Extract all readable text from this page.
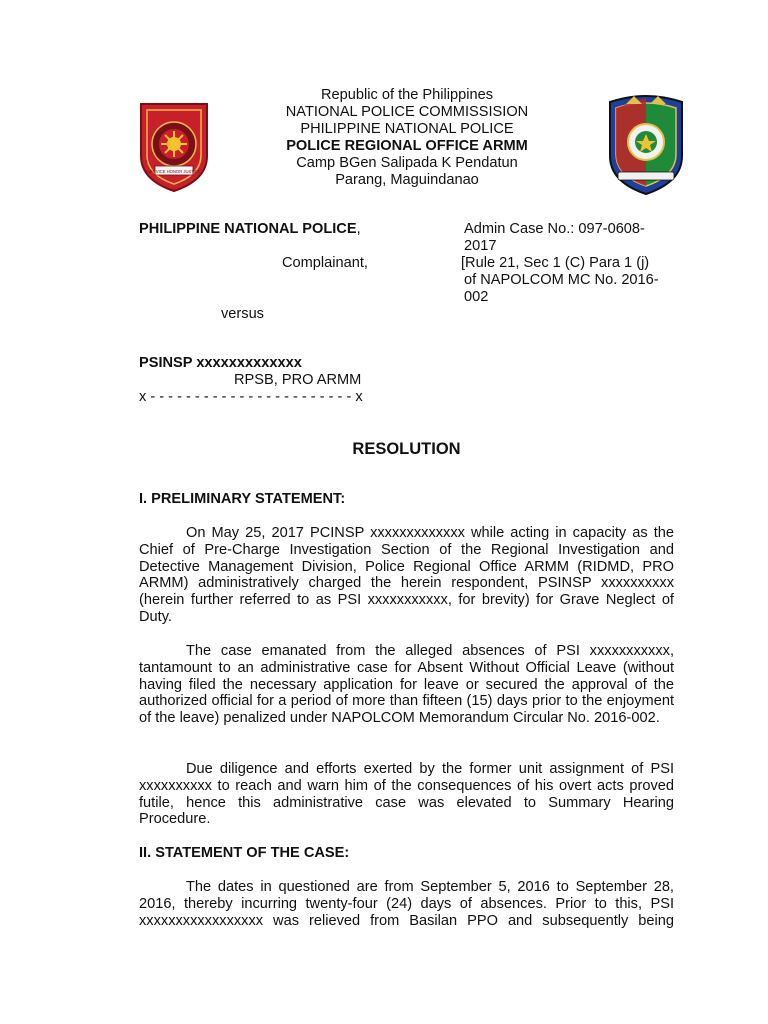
SERVICE HONOR JUSTICE
Republic of the Philippines
NATIONAL POLICE COMMISSISION
PHILIPPINE NATIONAL POLICE
POLICE REGIONAL OFFICE ARMM
Camp BGen Salipada K Pendatun
Parang, Maguindanao
PHILIPPINE NATIONAL POLICE,
Complainant,
versus
PSINSP xxxxxxxxxxxxx
RPSB, PRO ARMM
x - - - - - - - - - - - - - - - - - - - - - - - x
Admin Case No.: 097-0608-
2017
[Rule 21, Sec 1 (C) Para 1 (j)
of NAPOLCOM MC No. 2016-
002
RESOLUTION
I. PRELIMINARY STATEMENT:
On May 25, 2017 PCINSP xxxxxxxxxxxxx while acting in capacity as the Chief of Pre-Charge Investigation Section of the Regional Investigation and Detective Management Division, Police Regional Office ARMM (RIDMD, PRO ARMM) administratively charged the herein respondent, PSINSP xxxxxxxxxx (herein further referred to as PSI xxxxxxxxxxx, for brevity) for Grave Neglect of Duty.
The case emanated from the alleged absences of PSI xxxxxxxxxxx, tantamount to an administrative case for Absent Without Official Leave (without having filed the necessary application for leave or secured the approval of the authorized official for a period of more than fifteen (15) days prior to the enjoyment of the leave) penalized under NAPOLCOM Memorandum Circular No. 2016-002.
Due diligence and efforts exerted by the former unit assignment of PSI xxxxxxxxxx to reach and warn him of the consequences of his overt acts proved futile, hence this administrative case was elevated to Summary Hearing Procedure.
II. STATEMENT OF THE CASE:
The dates in questioned are from September 5, 2016 to September 28, 2016, thereby incurring twenty-four (24) days of absences. Prior to this, PSI xxxxxxxxxxxxxxxxx was relieved from Basilan PPO and subsequently being
